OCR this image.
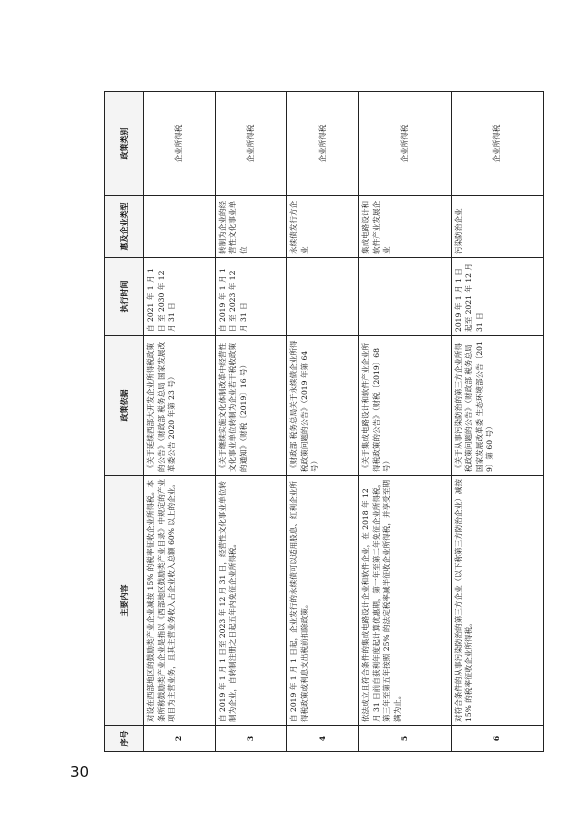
序号	主要内容	政策依据	执行时间	惠及企业类型	政策类别
2	对设在西部地区的鼓励类产业企业减按 15% 的税率征收企业所得税。本条所称鼓励类产业企业是指以《西部地区鼓励类产业目录》中规定的产业项目为主营业务，且其主营业务收入占企业收入总额 60% 以上的企业。	《关于延续西部大开发企业所得税政策的公告》（财政部 税务总局 国家发展改革委公告 2020 年第 23 号）	自 2021 年 1 月 1 日 至 2030 年 12 月 31 日		企业所得税
3	自 2019 年 1 月 1 日至 2023 年 12 月 31 日，经营性文化事业单位转制为企业，自转制注册之日起五年内免征企业所得税。	《关于继续实施文化体制改革中经营性文化事业单位转制为企业若干税收政策的通知》（财税〔2019〕16 号）	自 2019 年 1 月 1 日 至 2023 年 12 月 31 日	转制为企业的经营性文化事业单位	企业所得税
4	自 2019 年 1 月 1 日起，企业发行的永续债可以适用股息、红利企业所得税政策或利息支出税前扣除政策。	《财政部 税务总局关于永续债企业所得税政策问题的公告》（2019 年第 64 号）		永续债发行方企业	企业所得税
5	依法成立且符合条件的集成电路设计企业和软件企业，在 2018 年 12 月 31 日前自获利年度起计算优惠期，第一年至第二年免征企业所得税，第三年至第五年按照 25% 的法定税率减半征收企业所得税，并享受至期满为止。	《关于集成电路设计和软件产业企业所得税政策的公告》（财税〔2019〕68 号）		集成电路设计和软件产业发展企业	企业所得税
6	对符合条件的从事污染防治的第三方企业（以下称第三方防治企业）减按 15% 的税率征收企业所得税。	《关于从事污染防治的第三方企业所得税政策问题的公告》（财政部 税务总局 国家发展改革委 生态环境部公告〔2019〕第 60 号）	2019 年 1 月 1 日起至 2021 年 12 月 31 日	污染防治企业	企业所得税
30
